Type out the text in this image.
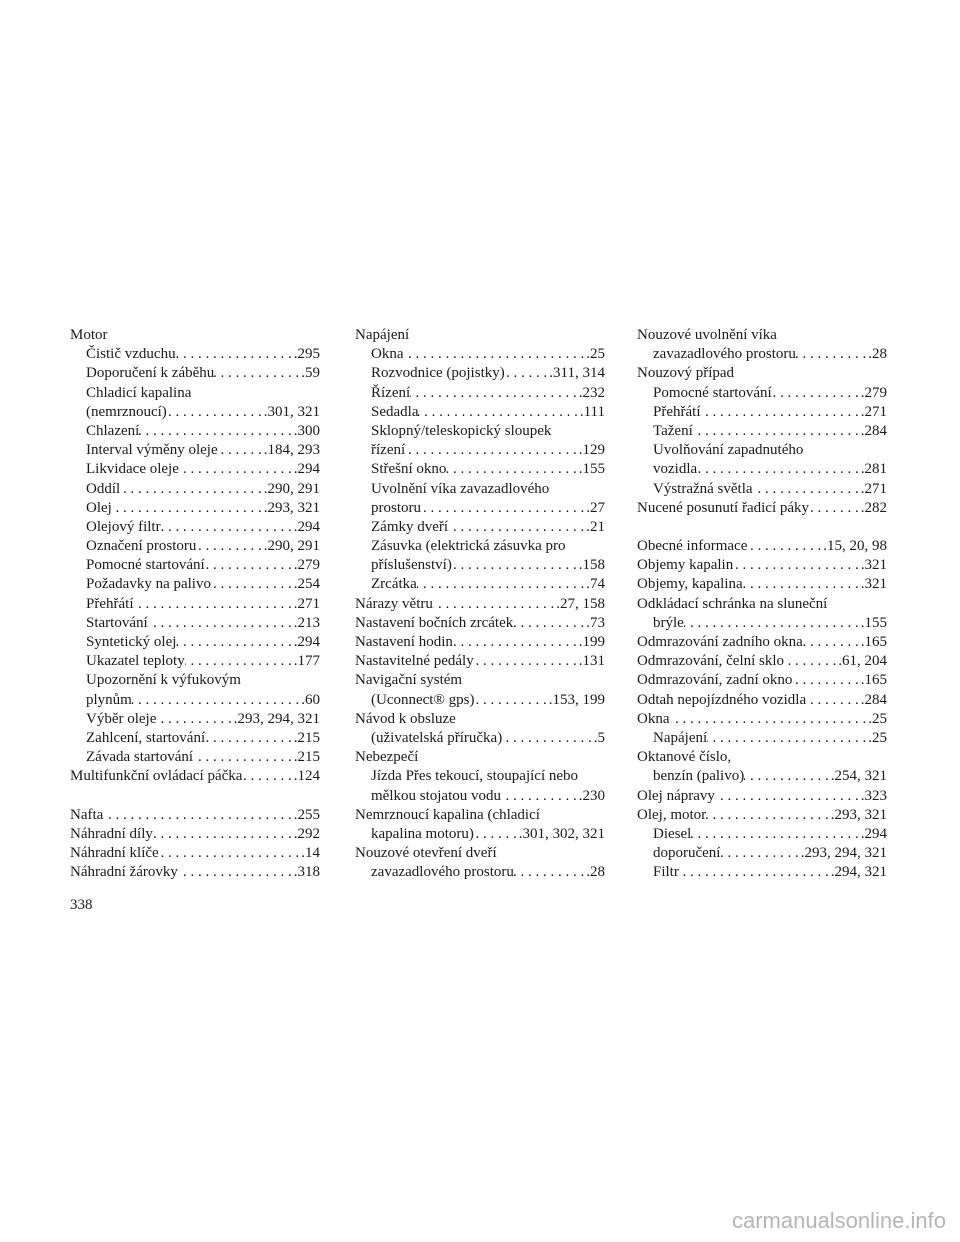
Motor
Čistič vzduchu . . .	.295
Doporučení k záběhu . . .	.59
Chladicí kapalina
(nemrznoucí) . . .	.301, 321
Chlazení . . .	.300
Interval výměny oleje . . .	.184, 293
Likvidace oleje . . .	.294
Oddíl . . .	.290, 291
Olej . . .	.293, 321
Olejový filtr . . .	.294
Označení prostoru . . .	.290, 291
Pomocné startování . . .	.279
Požadavky na palivo . . .	.254
Přehřátí . . .	.271
Startování . . .	.213
Syntetický olej . . .	.294
Ukazatel teploty . . .	.177
Upozornění k výfukovým
plynům . . .	.60
Výběr oleje . . .	.293, 294, 321
Zahlcení, startování . . .	.215
Závada startování . . .	.215
Multifunkční ovládací páčka . . .	.124
Nafta . . .	.255
Náhradní díly . . .	.292
Náhradní klíče . . .	.14
Náhradní žárovky . . .	.318
Napájení
Okna . . .	.25
Rozvodnice (pojistky) . . .	.311, 314
Řízení . . .	.232
Sedadla . . .	.111
Sklopný/teleskopický sloupek
řízení . . .	.129
Střešní okno . . .	.155
Uvolnění víka zavazadlového
prostoru . . .	.27
Zámky dveří . . .	.21
Zásuvka (elektrická zásuvka pro
příslušenství) . . .	.158
Zrcátka . . .	.74
Nárazy větru . . .	.27, 158
Nastavení bočních zrcátek . . .	.73
Nastavení hodin . . .	.199
Nastavitelné pedály . . .	.131
Navigační systém
(Uconnect® gps) . . .	.153, 199
Návod k obsluze
(uživatelská příručka) . . .	.5
Nebezpečí
Jízda Přes tekoucí, stoupající nebo
mělkou stojatou vodu . . .	.230
Nemrznoucí kapalina (chladicí
kapalina motoru) . . .	.301, 302, 321
Nouzové otevření dveří
zavazadlového prostoru . . .	.28
Nouzové uvolnění víka
zavazadlového prostoru . . .	.28
Nouzový případ
Pomocné startování . . .	.279
Přehřátí . . .	.271
Tažení . . .	.284
Uvolňování zapadnutého
vozidla . . .	.281
Výstražná světla . . .	.271
Nucené posunutí řadicí páky . . .	.282
Obecné informace . . .	.15, 20, 98
Objemy kapalin . . .	.321
Objemy, kapalina . . .	.321
Odkládací schránka na sluneční
brýle . . .	.155
Odmrazování zadního okna . . .	.165
Odmrazování, čelní sklo . . .	.61, 204
Odmrazování, zadní okno . . .	.165
Odtah nepojízdného vozidla . . .	.284
Okna . . .	.25
Napájení . . .	.25
Oktanové číslo,
benzín (palivo) . . .	.254, 321
Olej nápravy . . .	.323
Olej, motor . . .	.293, 321
Diesel . . .	.294
doporučení . . .	.293, 294, 321
Filtr . . .	.294, 321
338
carmanualsonline.info
